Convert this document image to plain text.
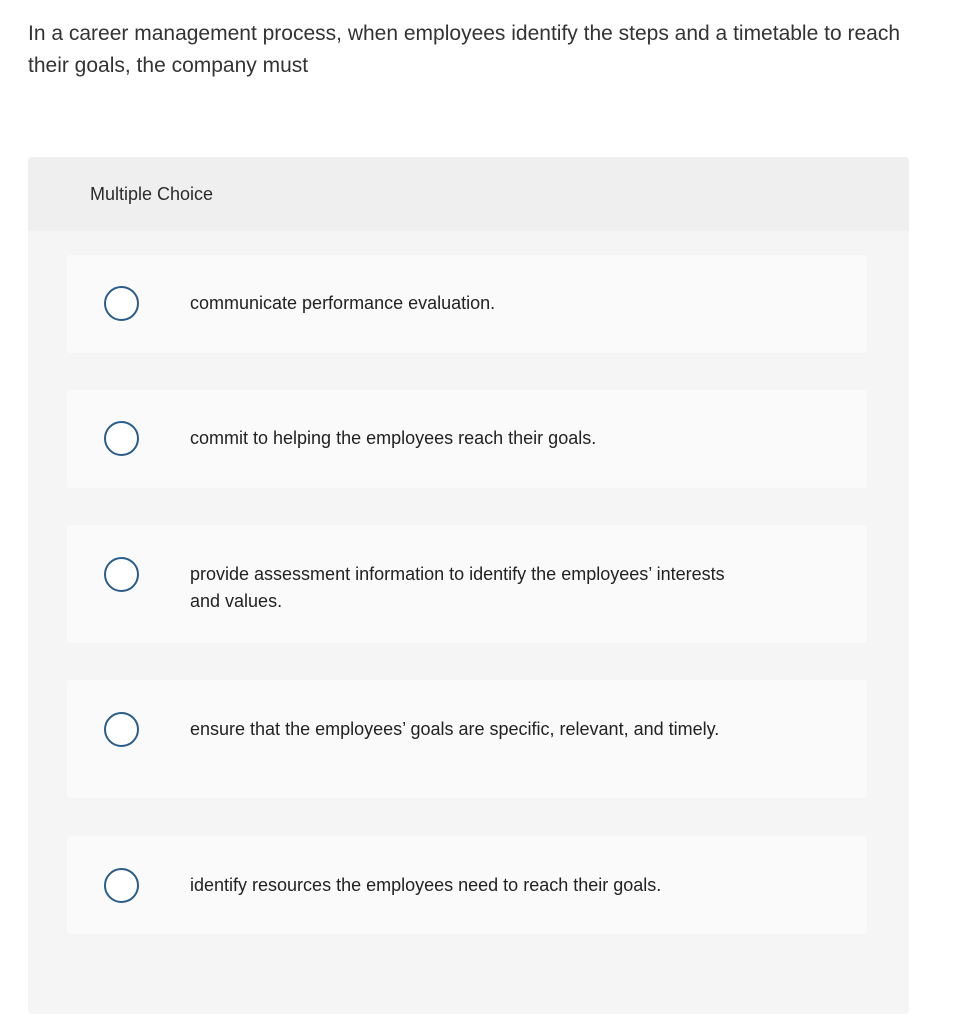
In a career management process, when employees identify the steps and a timetable to reach their goals, the company must

Multiple Choice
communicate performance evaluation.
commit to helping the employees reach their goals.
provide assessment information to identify the employees’ interests and values.
ensure that the employees’ goals are specific, relevant, and timely.
identify resources the employees need to reach their goals.
